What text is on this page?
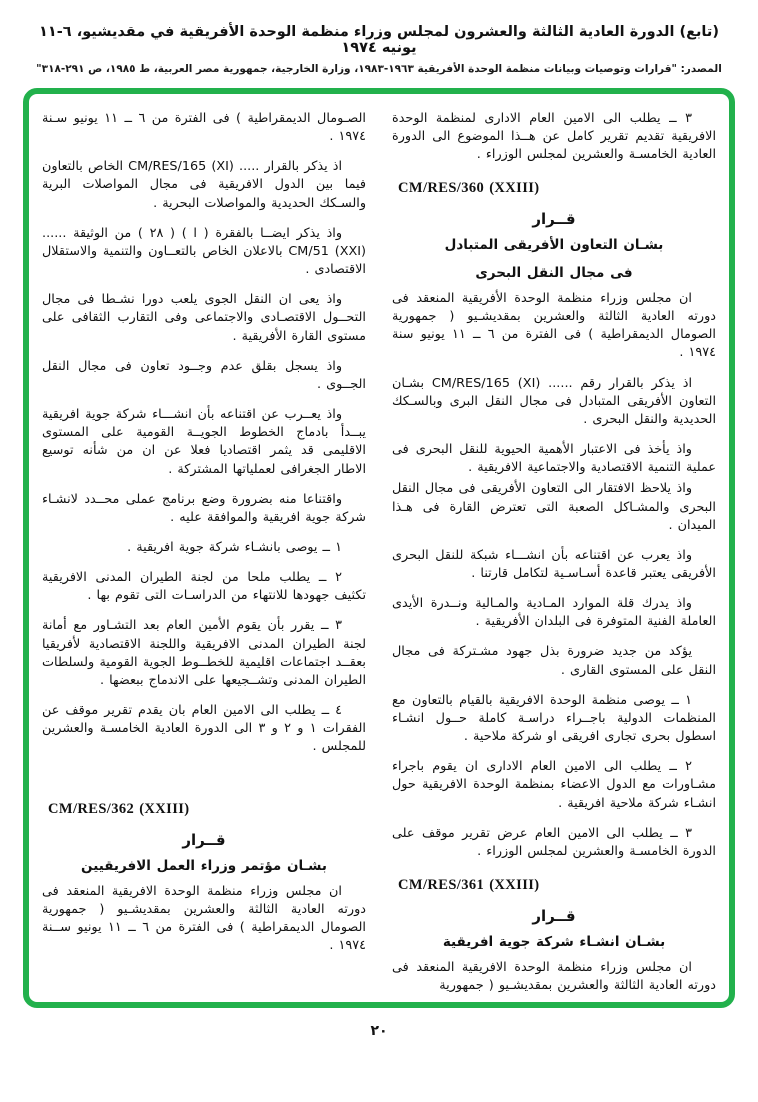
(تابع) الدورة العادية الثالثة والعشرون لمجلس وزراء منظمة الوحدة الأفريقية في مقديشيو، ٦-١١ يونيه ١٩٧٤
المصدر: "قرارات وتوصيات وبيانات منظمة الوحدة الأفريقية ١٩٦٣-١٩٨٣، وزارة الخارجية، جمهورية مصر العربية، ط ١٩٨٥، ص ٢٩١-٣١٨"
٣ ــ يطلب الى الامين العام الادارى لمنظمة الوحدة الافريقية تقديم تقرير كامل عن هــذا الموضوع الى الدورة العادية الخامسـة والعشرين لمجلس الوزراء .
CM/RES/360 (XXIII)
قــرار
بشـان التعاون الأفريقى المتبادل
فى مجال النقل البحرى
ان مجلس وزراء منظمة الوحدة الأفريقية المنعقد فى دورته العادية الثالثة والعشرين بمقديشـيو ( جمهورية الصومال الديمقراطية ) فى الفترة من ٦ ــ ١١ يونيو سنة ١٩٧٤ .
اذ يذكر بالقرار رقم ...... CM/RES/165 (XI) بشـان التعاون الأفريقى المتبادل فى مجال النقل البرى وبالسـكك الحديدية والنقل البحرى .
واذ يأخذ فى الاعتبار الأهمية الحيوية للنقل البحرى فى عملية التنمية الاقتصادية والاجتماعية الافريقية .
واذ يلاحظ الافتقار الى التعاون الأفريقى فى مجال النقل البحرى والمشـاكل الصعبة التى تعترض القارة فى هـذا الميدان .
واذ يعرب عن اقتناعه بأن انشـــاء شبكة للنقل البحرى الأفريقى يعتبر قاعدة أسـاسـية لتكامل قارتنا .
واذ يدرك قلة الموارد المـادية والمـالية ونــدرة الأيدى العاملة الفنية المتوفرة فى البلدان الأفريقية .
يؤكد من جديد ضرورة بذل جهود مشـتركة فى مجال النقل على المستوى القارى .
١ ــ يوصى منظمة الوحدة الافريقية بالقيام بالتعاون مع المنظمات الدولية باجــراء دراسـة كاملة حــول انشـاء اسطول بحرى تجارى افريقى او شركة ملاحية .
٢ ــ يطلب الى الامين العام الادارى ان يقوم باجراء مشـاورات مع الدول الاعضاء بمنظمة الوحدة الافريقية حول انشـاء شركة ملاحية افريقية .
٣ ــ يطلب الى الامين العام عرض تقرير موقف على الدورة الخامسـة والعشرين لمجلس الوزراء .
CM/RES/361 (XXIII)
قــرار
بشـان انشـاء شركة جوية افريقية
ان مجلس وزراء منظمة الوحدة الافريقية المنعقد فى دورته العادية الثالثة والعشرين بمقديشـيو ( جمهورية
الصـومال الديمقراطية ) فى الفترة من ٦ ــ ١١ يونيو سـنة ١٩٧٤ .
اذ يذكر بالقرار ..... CM/RES/165 (XI) الخاص بالتعاون فيما بين الدول الافريقية فى مجال المواصلات البرية والسـكك الحديدية والمواصلات البحرية .
واذ يذكر ايضــا بالفقرة ( ا ) ( ٢٨ ) من الوثيقة ...... CM/51 (XXI) بالاعلان الخاص بالتعــاون والتنمية والاستقلال الاقتصادى .
واذ يعى ان النقل الجوى يلعب دورا نشـطا فى مجال التحــول الاقتصـادى والاجتماعى وفى التقارب الثقافى على مستوى القارة الأفريقية .
واذ يسجل بقلق عدم وجــود تعاون فى مجال النقل الجــوى .
واذ يعــرب عن اقتناعه بأن انشـــاء شركة جوية افريقية يبــدأ بادماج الخطوط الجويــة القومية على المستوى الاقليمى قد يثمر اقتصاديا فعلا عن ان من شأنه توسيع الاطار الجغرافى لعملياتها المشتركة .
واقتناعا منه بضرورة وضع برنامج عملى محــدد لانشـاء شركة جوية افريقية والموافقة عليه .
١ ــ يوصى بانشـاء شركة جوية افريقية .
٢ ــ يطلب ملحا من لجنة الطيران المدنى الافريقية تكثيف جهودها للانتهاء من الدراسـات التى تقوم بها .
٣ ــ يقرر بأن يقوم الأمين العام بعد التشـاور مع أمانة لجنة الطيران المدنى الافريقية واللجنة الاقتصادية لأفريقيا بعقــد اجتماعات اقليمية للخطــوط الجوية القومية ولسلطات الطيران المدنى وتشــجيعها على الاندماج ببعضها .
٤ ــ يطلب الى الامين العام بان يقدم تقرير موقف عن الفقرات ١ و ٢ و ٣ الى الدورة العادية الخامسـة والعشرين للمجلس .
CM/RES/362 (XXIII)
قــرار
بشـان مؤتمر وزراء العمل الافريقيين
ان مجلس وزراء منظمة الوحدة الافريقية المنعقد فى دورته العادية الثالثة والعشرين بمقديشـيو ( جمهورية الصومال الديمقراطية ) فى الفترة من ٦ ــ ١١ يونيو ســنة ١٩٧٤ .
٢٠
